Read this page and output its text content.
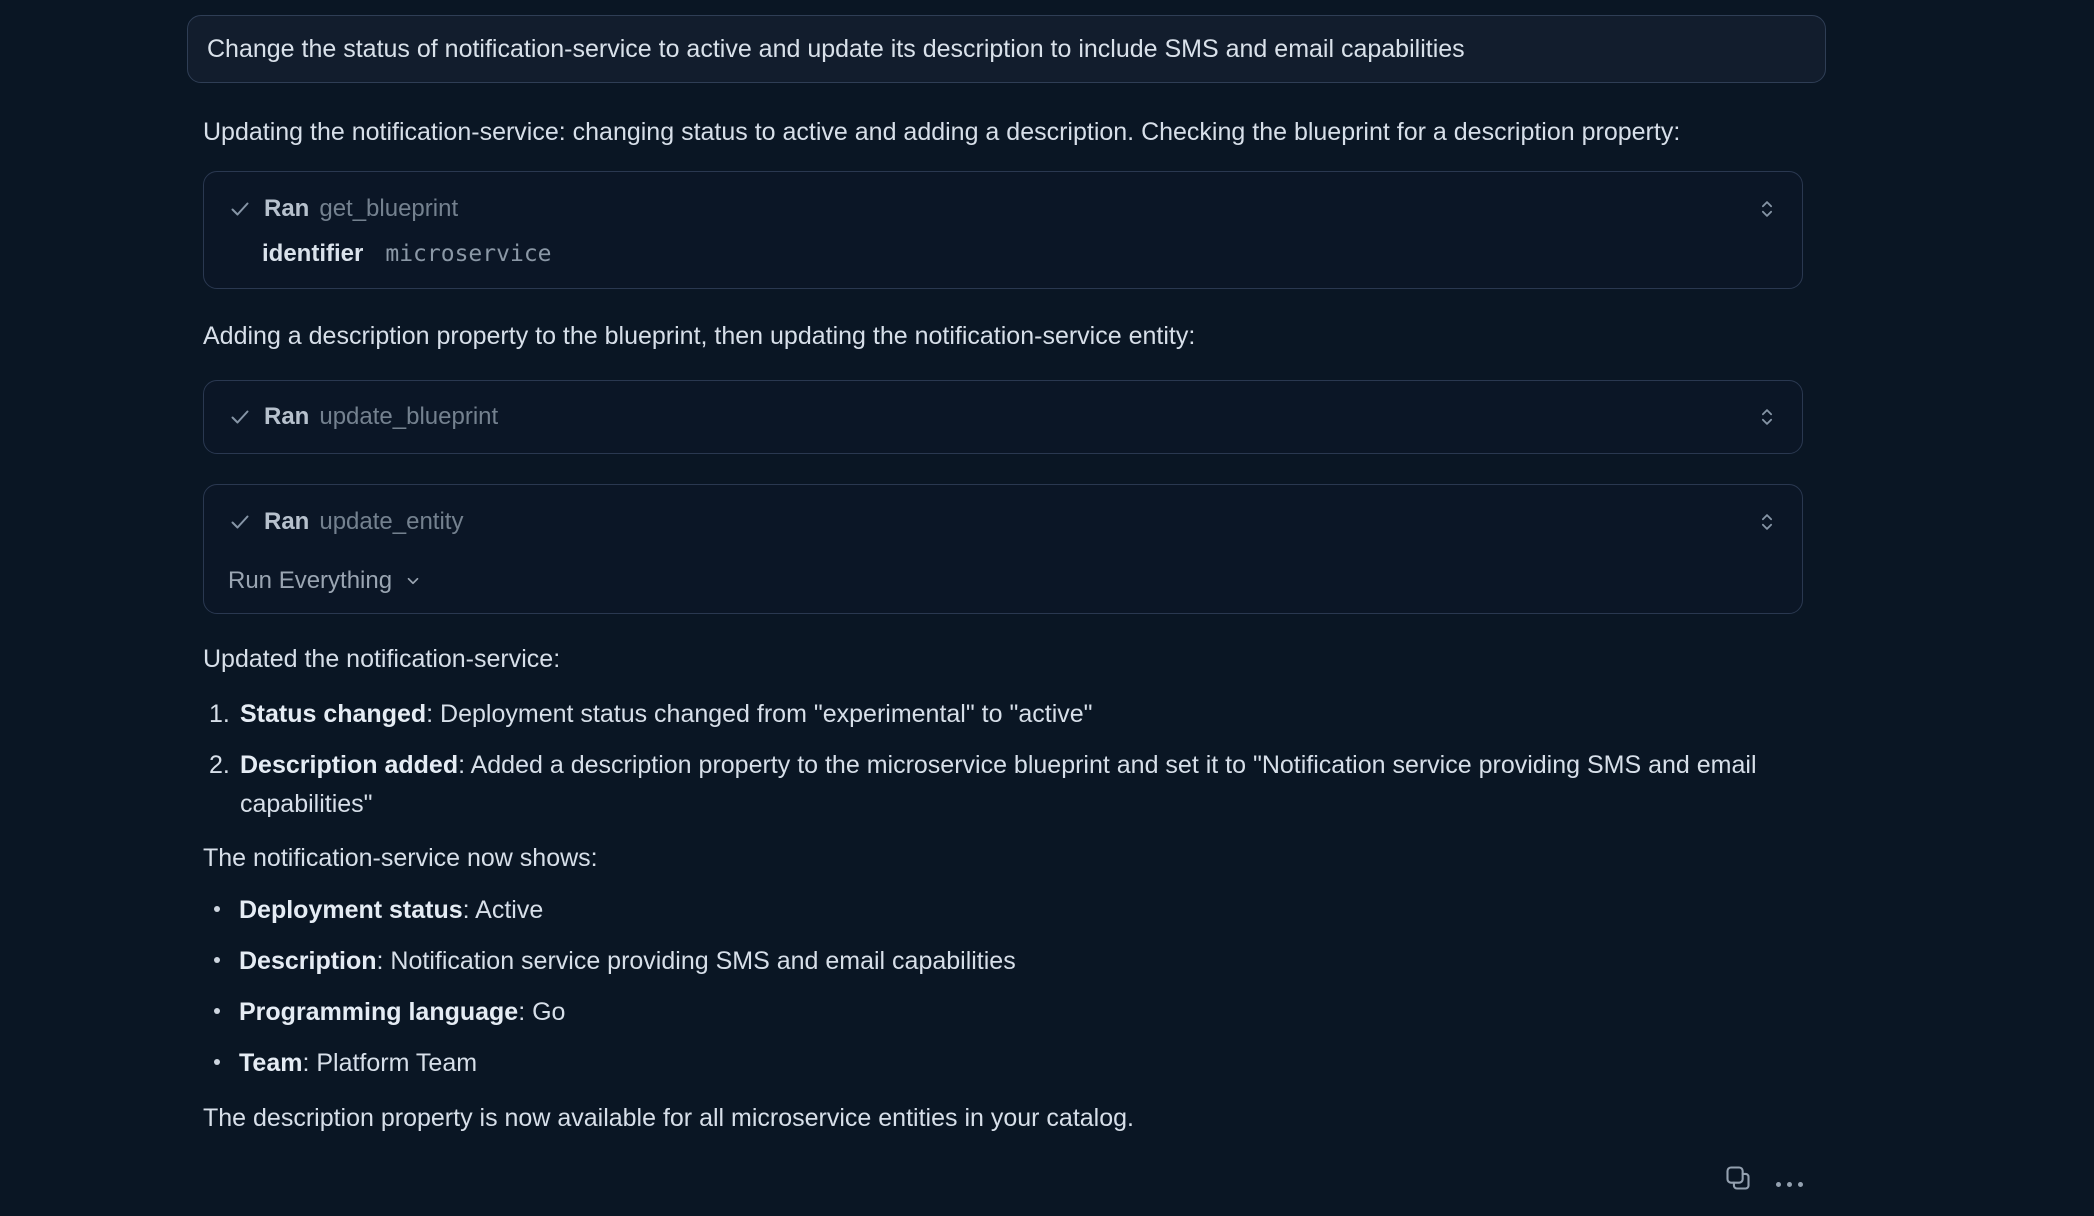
Change the status of notification-service to active and update its description to include SMS and email capabilities

Updating the notification-service: changing status to active and adding a description. Checking the blueprint for a description property:

Ran get_blueprint
identifier microservice

Adding a description property to the blueprint, then updating the notification-service entity:

Ran update_blueprint
Ran update_entity
Run Everything

Updated the notification-service:

1. Status changed: Deployment status changed from "experimental" to "active"
2. Description added: Added a description property to the microservice blueprint and set it to "Notification service providing SMS and email capabilities"

The notification-service now shows:

Deployment status: Active
Description: Notification service providing SMS and email capabilities
Programming language: Go
Team: Platform Team

The description property is now available for all microservice entities in your catalog.
